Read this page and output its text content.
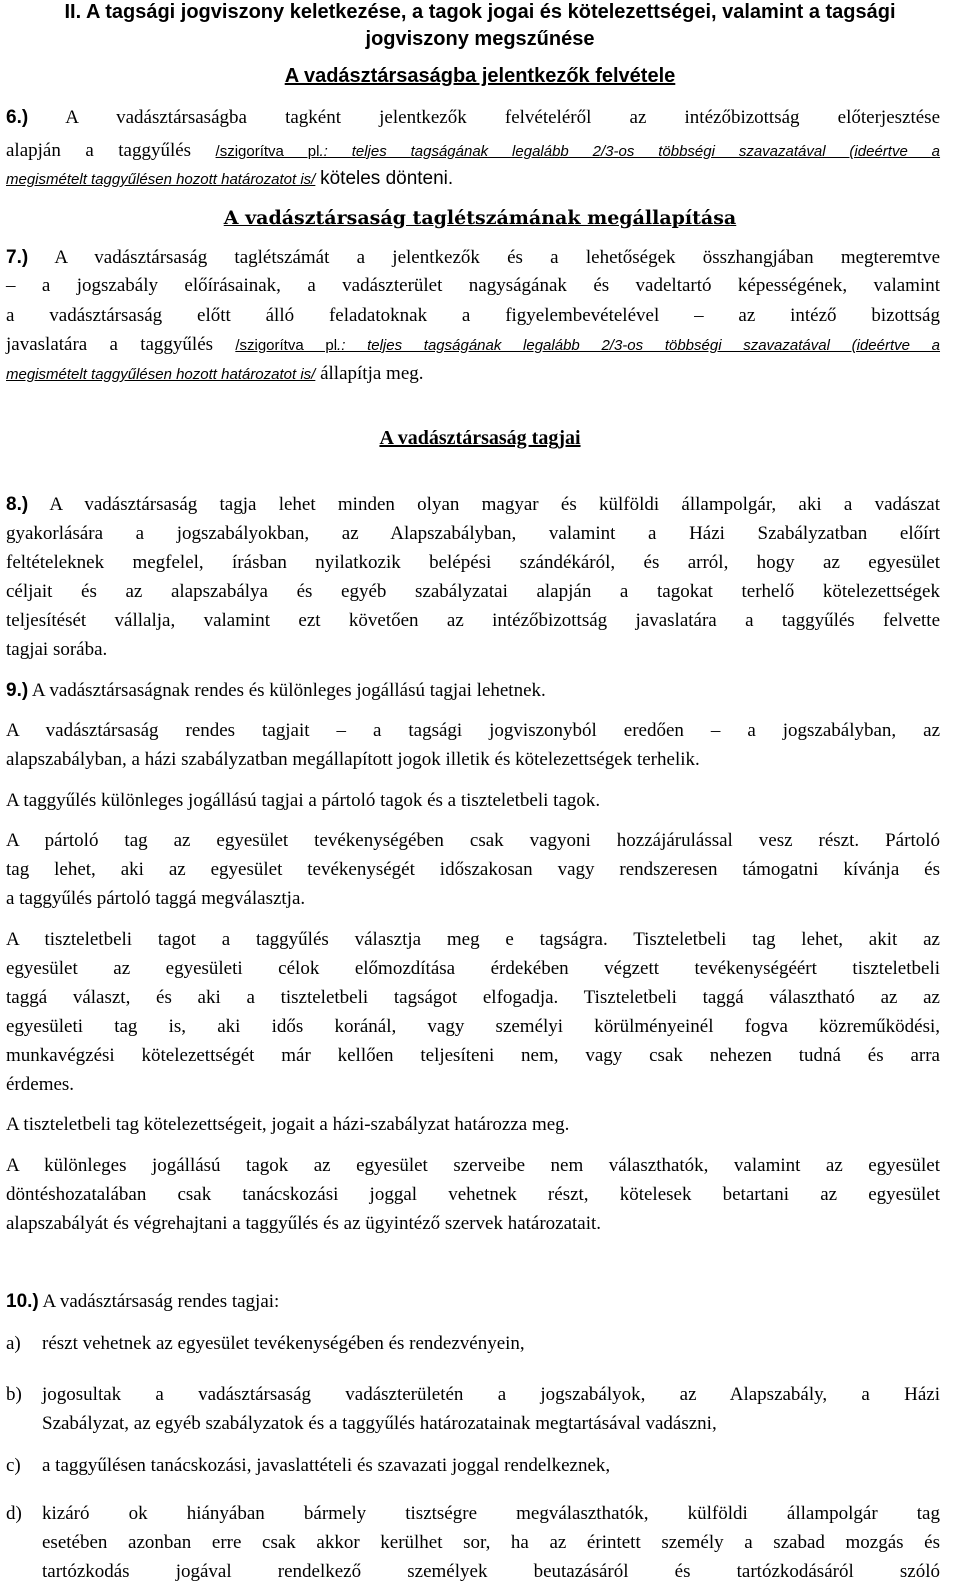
II. A tagsági jogviszony keletkezése, a tagok jogai és kötelezettségei, valamint a tagsági
jogviszony megszűnése
A vadásztársaságba jelentkezők felvétele
6.) A vadásztársaságba tagként jelentkezők felvételéről az intézőbizottság előterjesztése
alapján a taggyűlés /szigorítva pl.: teljes tagságának legalább 2/3-os többségi szavazatával (ideértve a
megismételt taggyűlésen hozott határozatot is/ köteles dönteni.
A vadásztársaság taglétszámának megállapítása
7.) A vadásztársaság taglétszámát a jelentkezők és a lehetőségek összhangjában megteremtve
– a jogszabály előírásainak, a vadászterület nagyságának és vadeltartó képességének, valamint
a vadásztársaság előtt álló feladatoknak a figyelembevételével – az intéző bizottság
javaslatára a taggyűlés /szigorítva pl.: teljes tagságának legalább 2/3-os többségi szavazatával (ideértve a
megismételt taggyűlésen hozott határozatot is/ állapítja meg.
A vadásztársaság tagjai
8.) A vadásztársaság tagja lehet minden olyan magyar és külföldi állampolgár, aki a vadászat
gyakorlására a jogszabályokban, az Alapszabályban, valamint a Házi Szabályzatban előírt
feltételeknek megfelel, írásban nyilatkozik belépési szándékáról, és arról, hogy az egyesület
céljait és az alapszabálya és egyéb szabályzatai alapján a tagokat terhelő kötelezettségek
teljesítését vállalja, valamint ezt követően az intézőbizottság javaslatára a taggyűlés felvette
tagjai sorába.
9.) A vadásztársaságnak rendes és különleges jogállású tagjai lehetnek.
A vadásztársaság rendes tagjait – a tagsági jogviszonyból eredően – a jogszabályban, az
alapszabályban, a házi szabályzatban megállapított jogok illetik és kötelezettségek terhelik.
A taggyűlés különleges jogállású tagjai a pártoló tagok és a tiszteletbeli tagok.
A pártoló tag az egyesület tevékenységében csak vagyoni hozzájárulással vesz részt. Pártoló
tag lehet, aki az egyesület tevékenységét időszakosan vagy rendszeresen támogatni kívánja és
a taggyűlés pártoló taggá megválasztja.
A tiszteletbeli tagot a taggyűlés választja meg e tagságra. Tiszteletbeli tag lehet, akit az
egyesület az egyesületi célok előmozdítása érdekében végzett tevékenységéért tiszteletbeli
taggá választ, és aki a tiszteletbeli tagságot elfogadja. Tiszteletbeli taggá választható az az
egyesületi tag is, aki idős koránál, vagy személyi körülményeinél fogva közreműködési,
munkavégzési kötelezettségét már kellően teljesíteni nem, vagy csak nehezen tudná és arra
érdemes.
A tiszteletbeli tag kötelezettségeit, jogait a házi-szabályzat határozza meg.
A különleges jogállású tagok az egyesület szerveibe nem választhatók, valamint az egyesület
döntéshozatalában csak tanácskozási joggal vehetnek részt, kötelesek betartani az egyesület
alapszabályát és végrehajtani a taggyűlés és az ügyintéző szervek határozatait.
10.) A vadásztársaság rendes tagjai:
a) részt vehetnek az egyesület tevékenységében és rendezvényein,
b) jogosultak a vadásztársaság vadászterületén a jogszabályok, az Alapszabály, a Házi
Szabályzat, az egyéb szabályzatok és a taggyűlés határozatainak megtartásával vadászni,
c) a taggyűlésen tanácskozási, javaslattételi és szavazati joggal rendelkeznek,
d) kizáró ok hiányában bármely tisztségre megválaszthatók, külföldi állampolgár tag
esetében azonban erre csak akkor kerülhet sor, ha az érintett személy a szabad mozgás és
tartózkodás jogával rendelkező személyek beutazásáról és tartózkodásáról szóló
